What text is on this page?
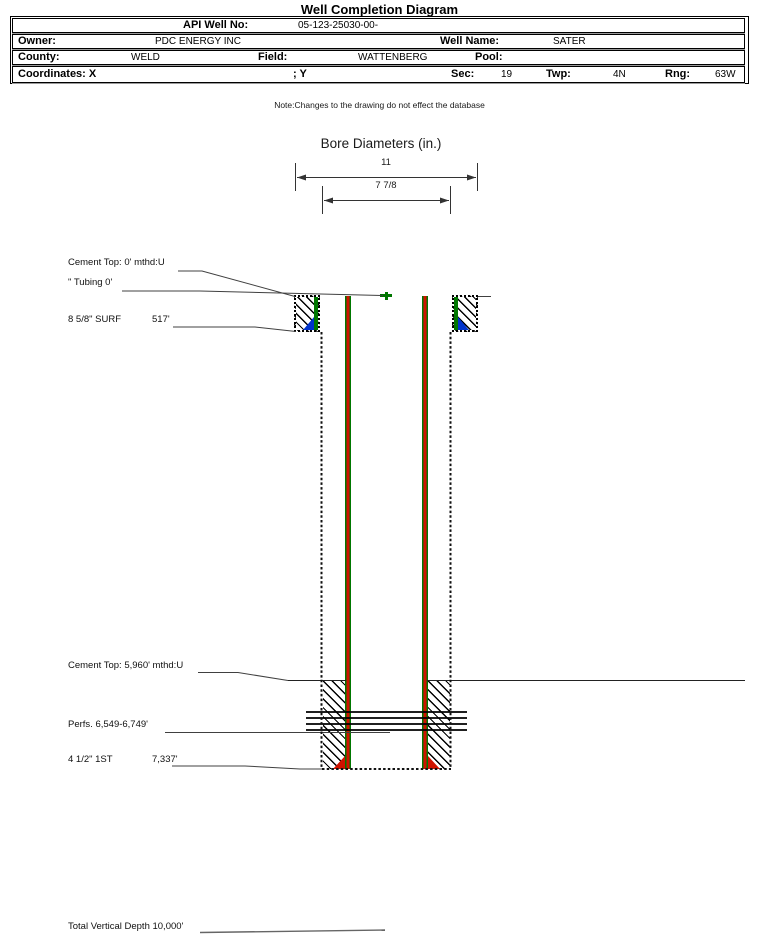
Well Completion Diagram
API Well No:	05-123-25030-00-
Owner:	PDC ENERGY INC	Well Name:	SATER
County:	WELD	Field:	WATTENBERG	Pool:
Coordinates: X	; Y	Sec:	19	Twp:	4N	Rng: 63W
Note:Changes to the drawing do not effect the database
Bore Diameters (in.)
11
7 7/8
Cement Top: 0' mthd:U
" Tubing 0'
8 5/8" SURF	517'
Cement Top: 5,960' mthd:U
Perfs. 6,549-6,749'
4 1/2" 1ST	7,337'
Total Vertical Depth 10,000'
